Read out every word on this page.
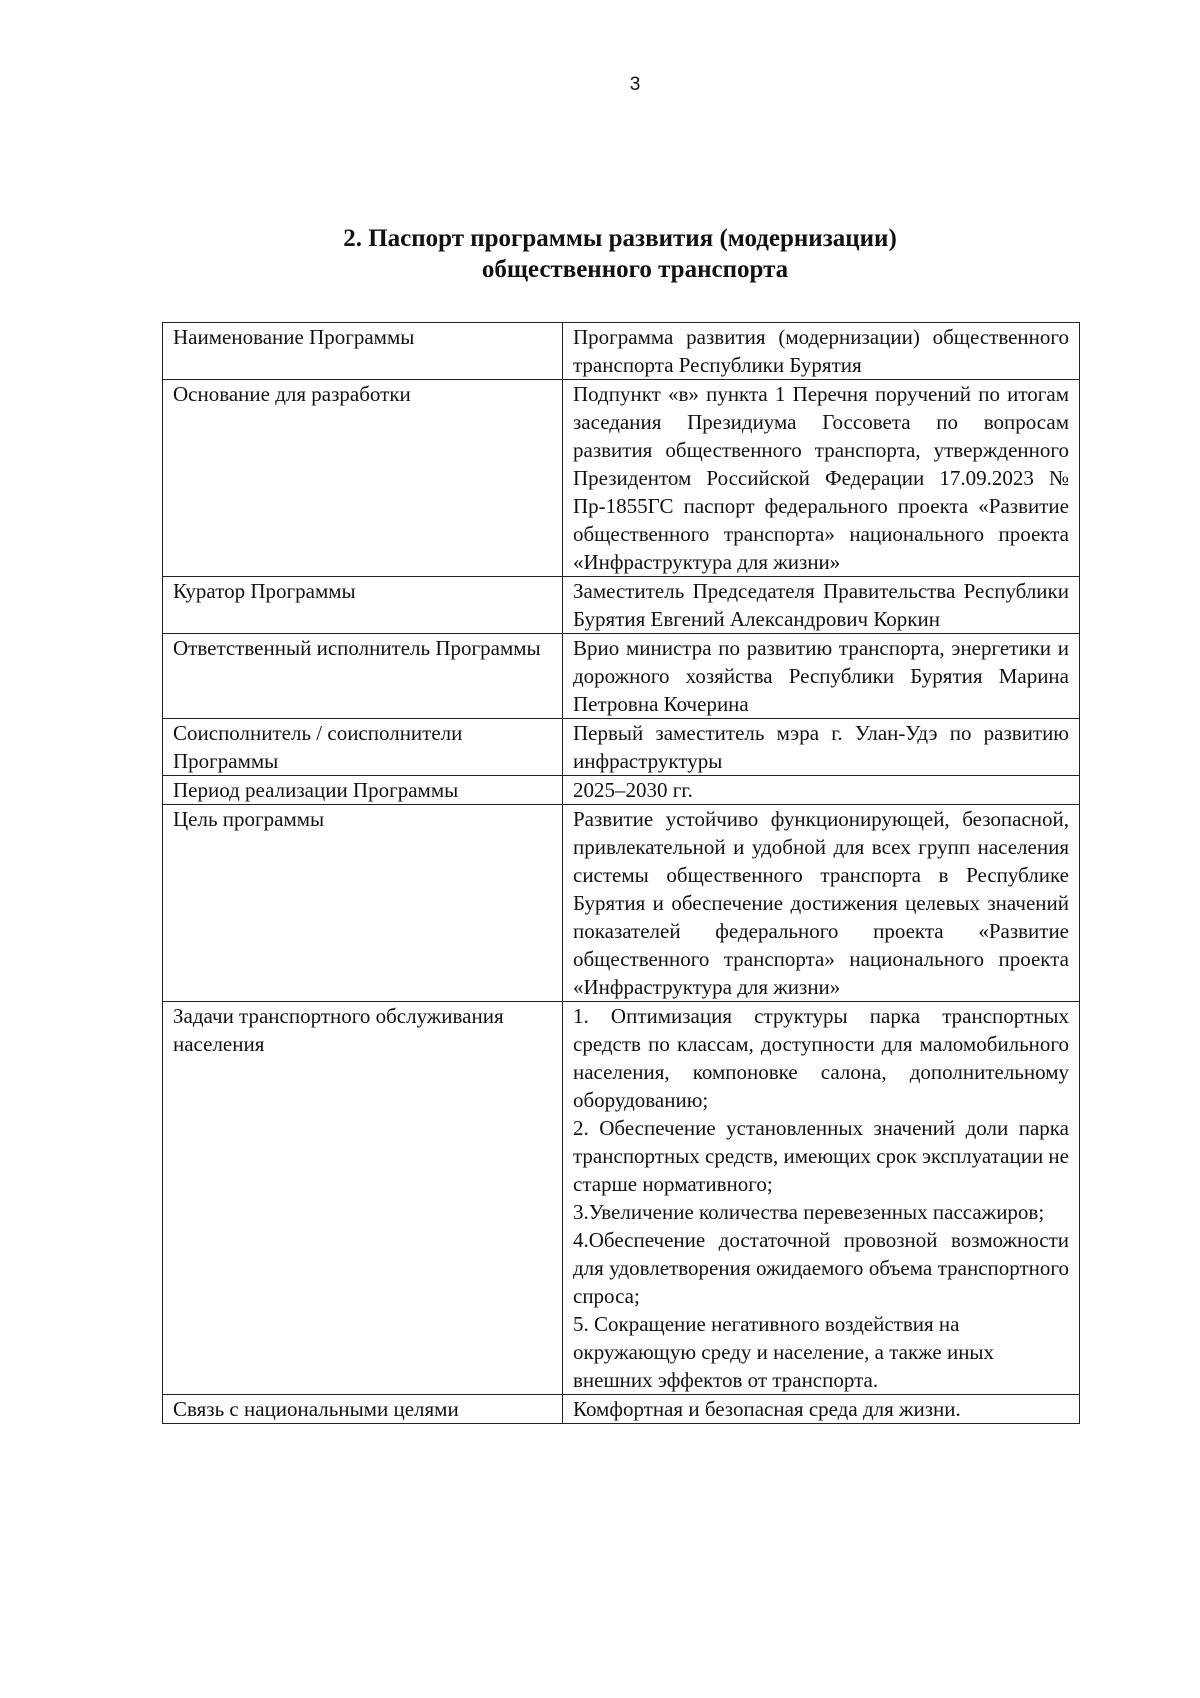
3
2. Паспорт программы развития (модернизации)
общественного транспорта
Наименование Программы	Программа развития (модернизации) общественного транспорта Республики Бурятия
Основание для разработки	Подпункт «в» пункта 1 Перечня поручений по итогам заседания Президиума Госсовета по вопросам развития общественного транспорта, утвержденного Президентом Российской Федерации 17.09.2023 № Пр-1855ГС паспорт федерального проекта «Развитие общественного транспорта» национального проекта «Инфраструктура для жизни»
Куратор Программы	Заместитель Председателя Правительства Республики Бурятия Евгений Александрович Коркин
Ответственный исполнитель Программы	Врио министра по развитию транспорта, энергетики и дорожного хозяйства Республики Бурятия Марина Петровна Кочерина
Соисполнитель / соисполнители Программы	Первый заместитель мэра г. Улан-Удэ по развитию инфраструктуры
Период реализации Программы	2025–2030 гг.
Цель программы	Развитие устойчиво функционирующей, безопасной, привлекательной и удобной для всех групп населения системы общественного транспорта в Республике Бурятия и обеспечение достижения целевых значений показателей федерального проекта «Развитие общественного транспорта» национального проекта «Инфраструктура для жизни»
Задачи транспортного обслуживания населения	1. Оптимизация структуры парка транспортных средств по классам, доступности для маломобильного населения, компоновке салона, дополнительному оборудованию;
2. Обеспечение установленных значений доли парка транспортных средств, имеющих срок эксплуатации не старше нормативного;
3.Увеличение количества перевезенных пассажиров;
4.Обеспечение достаточной провозной возможности для удовлетворения ожидаемого объема транспортного спроса;
5. Сокращение негативного воздействия на окружающую среду и население, а также иных внешних эффектов от транспорта.

Связь с национальными целями	Комфортная и безопасная среда для жизни.
